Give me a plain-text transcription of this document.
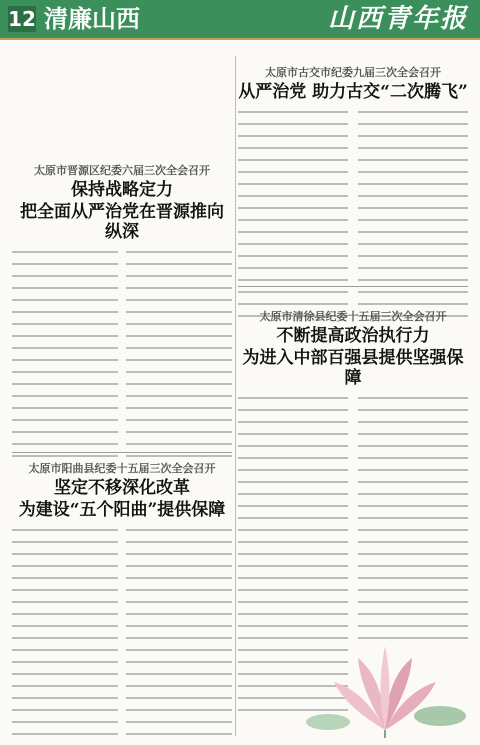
12 清廉山西	山西青年报
太原市古交市纪委九届三次全会召开
从严治党 助力古交“二次腾飞”
太原市晋源区纪委六届三次全会召开
保持战略定力
把全面从严治党在晋源推向纵深
太原市清徐县纪委十五届三次全会召开
不断提高政治执行力
为进入中部百强县提供坚强保障
太原市阳曲县纪委十五届三次全会召开
坚定不移深化改革
为建设“五个阳曲”提供保障
